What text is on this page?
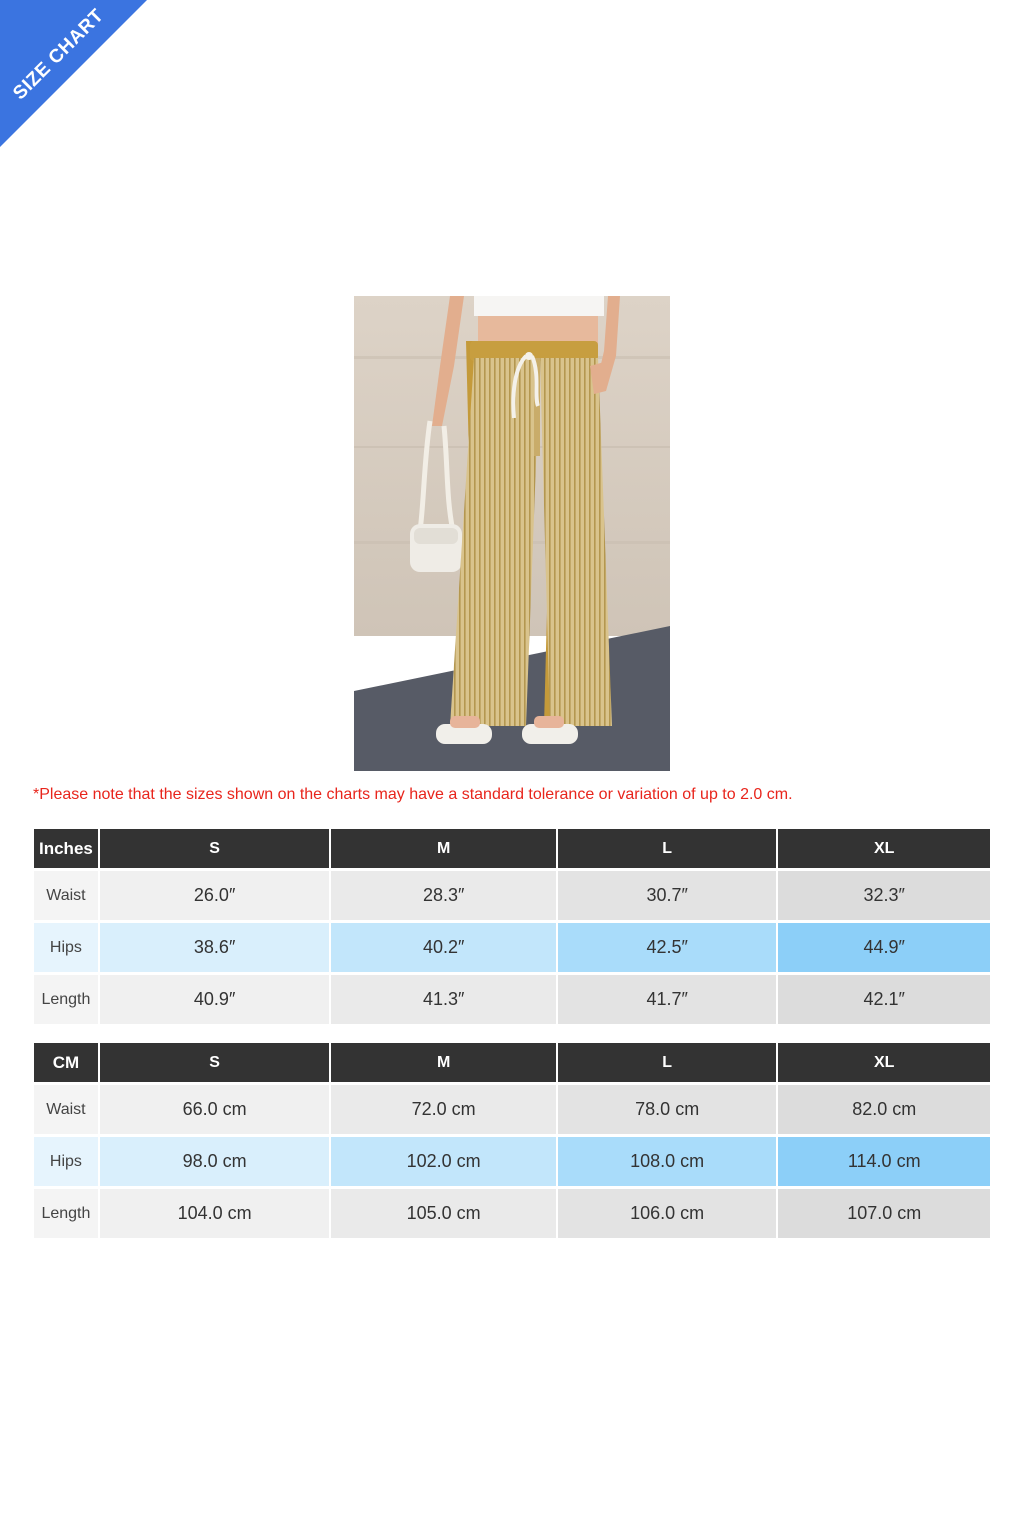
SIZE CHART
*Please note that the sizes shown on the charts may have a standard tolerance or variation of up to 2.0 cm.
Inches	S	M	L	XL
Waist	26.0″	28.3″	30.7″	32.3″
Hips	38.6″	40.2″	42.5″	44.9″
Length	40.9″	41.3″	41.7″	42.1″
CM	S	M	L	XL
Waist	66.0 cm	72.0 cm	78.0 cm	82.0 cm
Hips	98.0 cm	102.0 cm	108.0 cm	114.0 cm
Length	104.0 cm	105.0 cm	106.0 cm	107.0 cm
